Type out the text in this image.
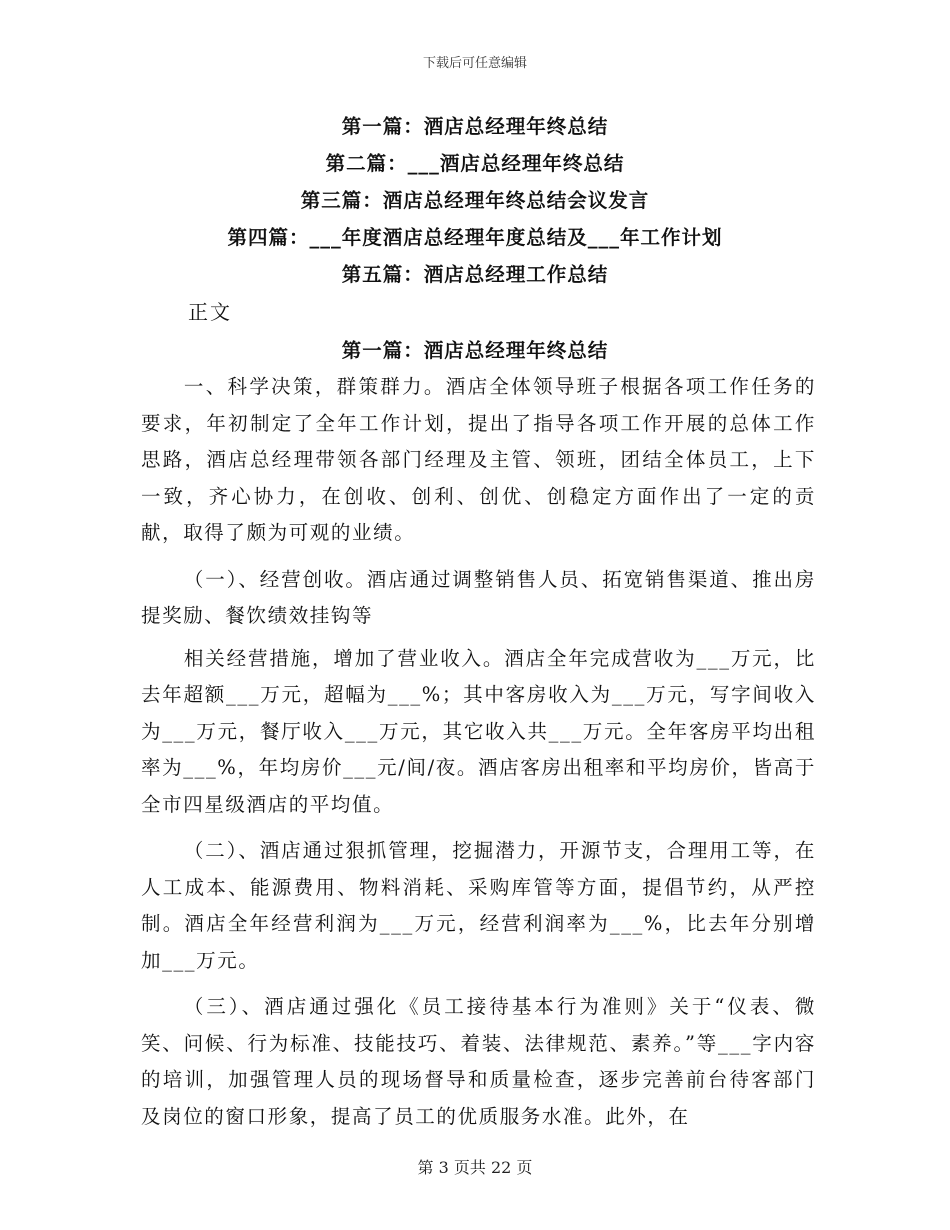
下载后可任意编辑
第一篇：酒店总经理年终总结
第二篇：___酒店总经理年终总结
第三篇：酒店总经理年终总结会议发言
第四篇：___年度酒店总经理年度总结及___年工作计划
第五篇：酒店总经理工作总结
正文
第一篇：酒店总经理年终总结

一、科学决策，群策群力。酒店全体领导班子根据各项工作任务的要求，年初制定了全年工作计划，提出了指导各项工作开展的总体工作思路，酒店总经理带领各部门经理及主管、领班，团结全体员工，上下一致，齐心协力，在创收、创利、创优、创稳定方面作出了一定的贡献，取得了颇为可观的业绩。

（一）、经营创收。酒店通过调整销售人员、拓宽销售渠道、推出房提奖励、餐饮绩效挂钩等

相关经营措施，增加了营业收入。酒店全年完成营收为___万元，比去年超额___万元，超幅为___%；其中客房收入为___万元，写字间收入为___万元，餐厅收入___万元，其它收入共___万元。全年客房平均出租率为___%，年均房价___元/间/夜。酒店客房出租率和平均房价，皆高于全市四星级酒店的平均值。

（二）、酒店通过狠抓管理，挖掘潜力，开源节支，合理用工等，在人工成本、能源费用、物料消耗、采购库管等方面，提倡节约，从严控制。酒店全年经营利润为___万元，经营利润率为___%，比去年分别增加___万元。

（三）、酒店通过强化《员工接待基本行为准则》关于“仪表、微笑、问候、行为标准、技能技巧、着装、法律规范、素养。”等___字内容的培训，加强管理人员的现场督导和质量检查，逐步完善前台待客部门及岗位的窗口形象，提高了员工的优质服务水准。此外，在

第 3 页共 22 页
